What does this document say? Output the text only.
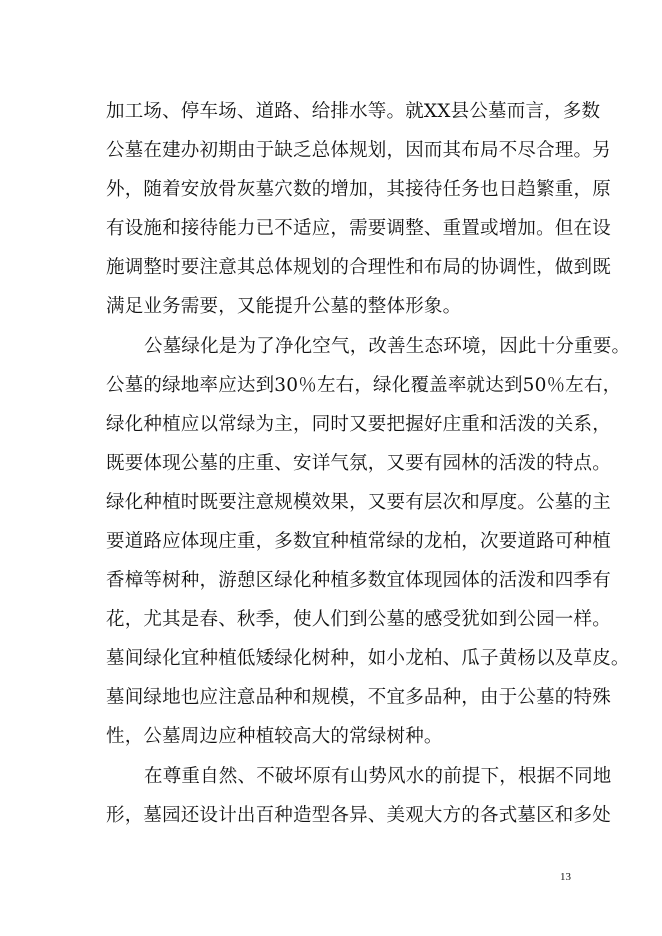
加工场、停车场、道路、给排水等。就XX县公墓而言，多数
公墓在建办初期由于缺乏总体规划，因而其布局不尽合理。另
外，随着安放骨灰墓穴数的增加，其接待任务也日趋繁重，原
有设施和接待能力已不适应，需要调整、重置或增加。但在设
施调整时要注意其总体规划的合理性和布局的协调性，做到既
满足业务需要，又能提升公墓的整体形象。
公墓绿化是为了净化空气，改善生态环境，因此十分重要。
公墓的绿地率应达到30％左右，绿化覆盖率就达到50％左右，
绿化种植应以常绿为主，同时又要把握好庄重和活泼的关系，
既要体现公墓的庄重、安详气氛，又要有园林的活泼的特点。
绿化种植时既要注意规模效果，又要有层次和厚度。公墓的主
要道路应体现庄重，多数宜种植常绿的龙柏，次要道路可种植
香樟等树种，游憩区绿化种植多数宜体现园体的活泼和四季有
花，尤其是春、秋季，使人们到公墓的感受犹如到公园一样。
墓间绿化宜种植低矮绿化树种，如小龙柏、瓜子黄杨以及草皮。
墓间绿地也应注意品种和规模，不宜多品种，由于公墓的特殊
性，公墓周边应种植较高大的常绿树种。
在尊重自然、不破坏原有山势风水的前提下，根据不同地
形，墓园还设计出百种造型各异、美观大方的各式墓区和多处
13
